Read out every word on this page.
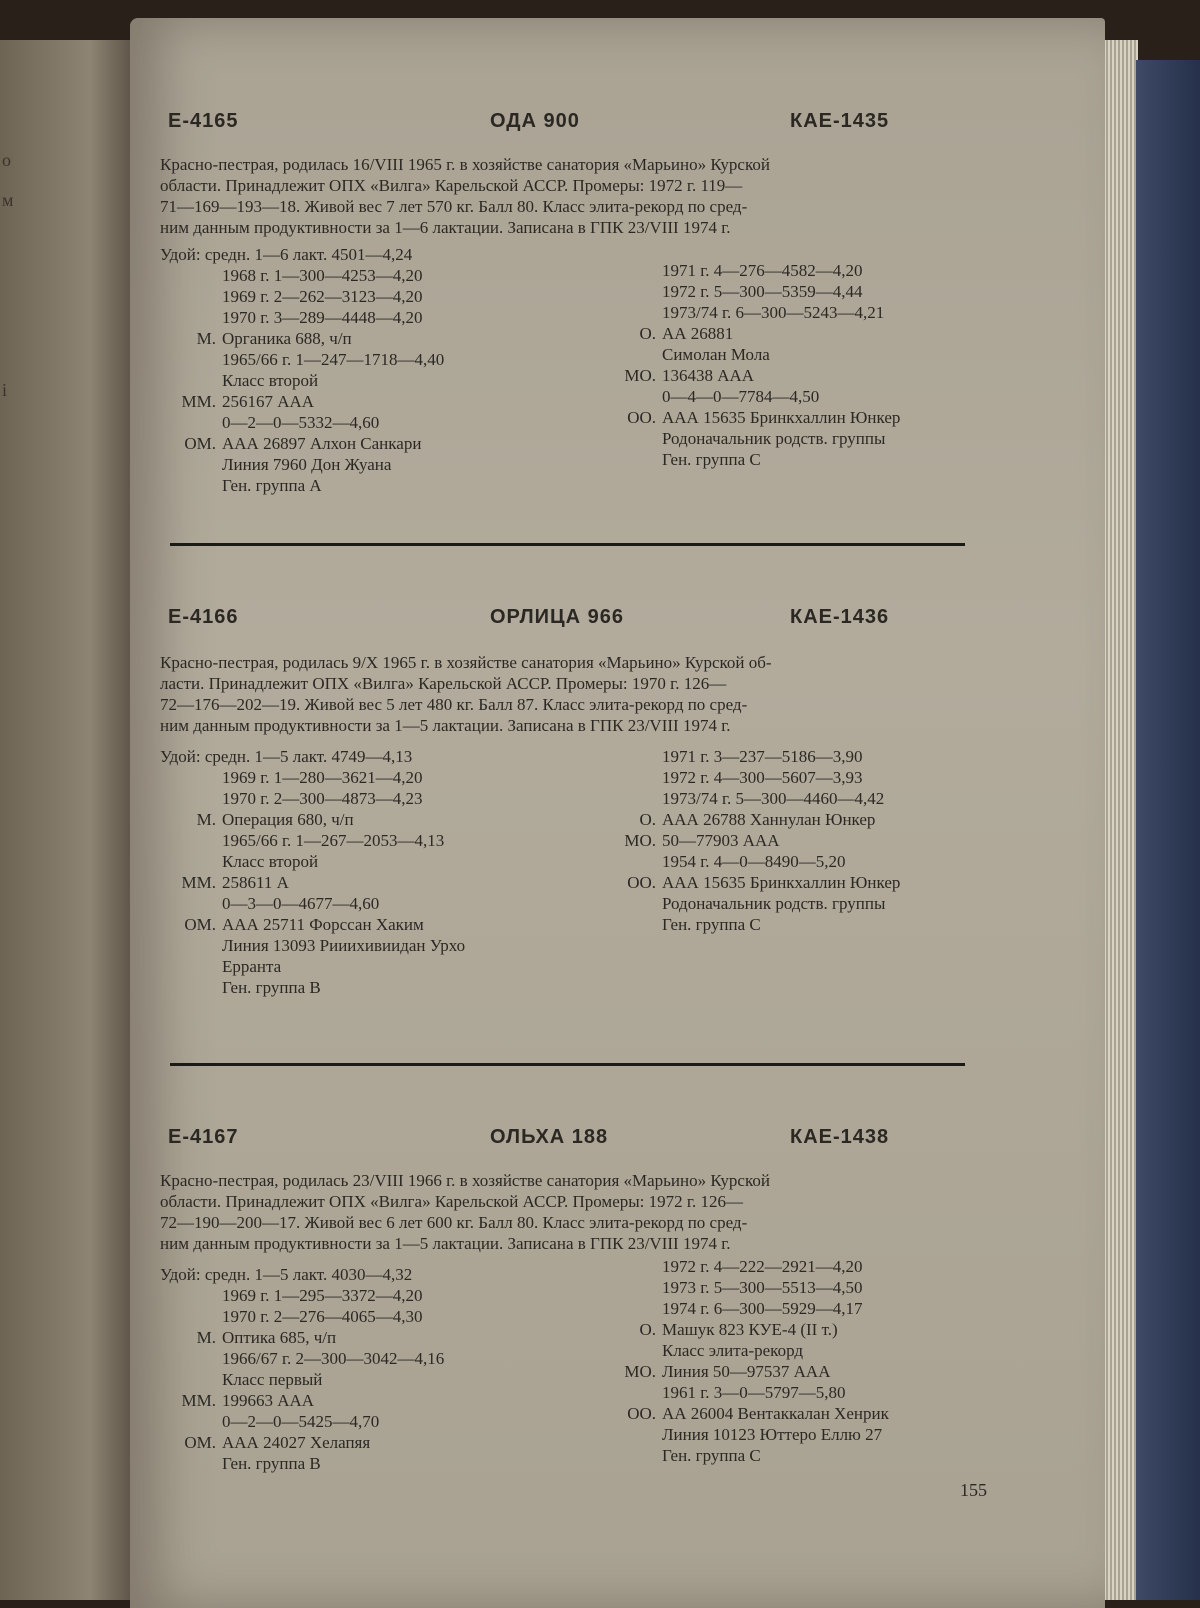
о
м
і
Е-4165	ОДА 900	КАЕ-1435
Красно-пестрая, родилась 16/VIII 1965 г. в хозяйстве санатория «Марьино» Курской
области. Принадлежит ОПХ «Вилга» Карельской АССР. Промеры: 1972 г. 119—
71—169—193—18. Живой вес 7 лет 570 кг. Балл 80. Класс элита-рекорд по сред-
ним данным продуктивности за 1—6 лактации. Записана в ГПК 23/VIII 1974 г.
Удой: средн. 1—6 лакт. 4501—4,24
1968 г. 1—300—4253—4,20
1969 г. 2—262—3123—4,20
1970 г. 3—289—4448—4,20
М. Органика 688, ч/п
1965/66 г. 1—247—1718—4,40
Класс второй
ММ. 256167 ААА
0—2—0—5332—4,60
ОМ. ААА 26897 Алхон Санкари
Линия 7960 Дон Жуана
Ген. группа А
1971 г. 4—276—4582—4,20
1972 г. 5—300—5359—4,44
1973/74 г. 6—300—5243—4,21
О. АА 26881
Симолан Мола
МО. 136438 ААА
0—4—0—7784—4,50
ОО. ААА 15635 Бринкхаллин Юнкер
Родоначальник родств. группы
Ген. группа С
Е-4166	ОРЛИЦА 966	КАЕ-1436
Красно-пестрая, родилась 9/X 1965 г. в хозяйстве санатория «Марьино» Курской об-
ласти. Принадлежит ОПХ «Вилга» Карельской АССР. Промеры: 1970 г. 126—
72—176—202—19. Живой вес 5 лет 480 кг. Балл 87. Класс элита-рекорд по сред-
ним данным продуктивности за 1—5 лактации. Записана в ГПК 23/VIII 1974 г.
Удой: средн. 1—5 лакт. 4749—4,13
1969 г. 1—280—3621—4,20
1970 г. 2—300—4873—4,23
М. Операция 680, ч/п
1965/66 г. 1—267—2053—4,13
Класс второй
ММ. 258611 А
0—3—0—4677—4,60
ОМ. ААА 25711 Форссан Хаким
Линия 13093 Рииихивиидан Урхо
Ерранта
Ген. группа В
1971 г. 3—237—5186—3,90
1972 г. 4—300—5607—3,93
1973/74 г. 5—300—4460—4,42
О. ААА 26788 Ханнулан Юнкер
МО. 50—77903 ААА
1954 г. 4—0—8490—5,20
ОО. ААА 15635 Бринкхаллин Юнкер
Родоначальник родств. группы
Ген. группа С
Е-4167	ОЛЬХА 188	КАЕ-1438
Красно-пестрая, родилась 23/VIII 1966 г. в хозяйстве санатория «Марьино» Курской
области. Принадлежит ОПХ «Вилга» Карельской АССР. Промеры: 1972 г. 126—
72—190—200—17. Живой вес 6 лет 600 кг. Балл 80. Класс элита-рекорд по сред-
ним данным продуктивности за 1—5 лактации. Записана в ГПК 23/VIII 1974 г.
Удой: средн. 1—5 лакт. 4030—4,32
1969 г. 1—295—3372—4,20
1970 г. 2—276—4065—4,30
М. Оптика 685, ч/п
1966/67 г. 2—300—3042—4,16
Класс первый
ММ. 199663 ААА
0—2—0—5425—4,70
ОМ. ААА 24027 Хелапяя
Ген. группа В
1972 г. 4—222—2921—4,20
1973 г. 5—300—5513—4,50
1974 г. 6—300—5929—4,17
О. Машук 823 КУЕ-4 (II т.)
Класс элита-рекорд
МО. Линия 50—97537 ААА
1961 г. 3—0—5797—5,80
ОО. АА 26004 Вентаккалан Хенрик
Линия 10123 Юттеро Еллю 27
Ген. группа С
155
